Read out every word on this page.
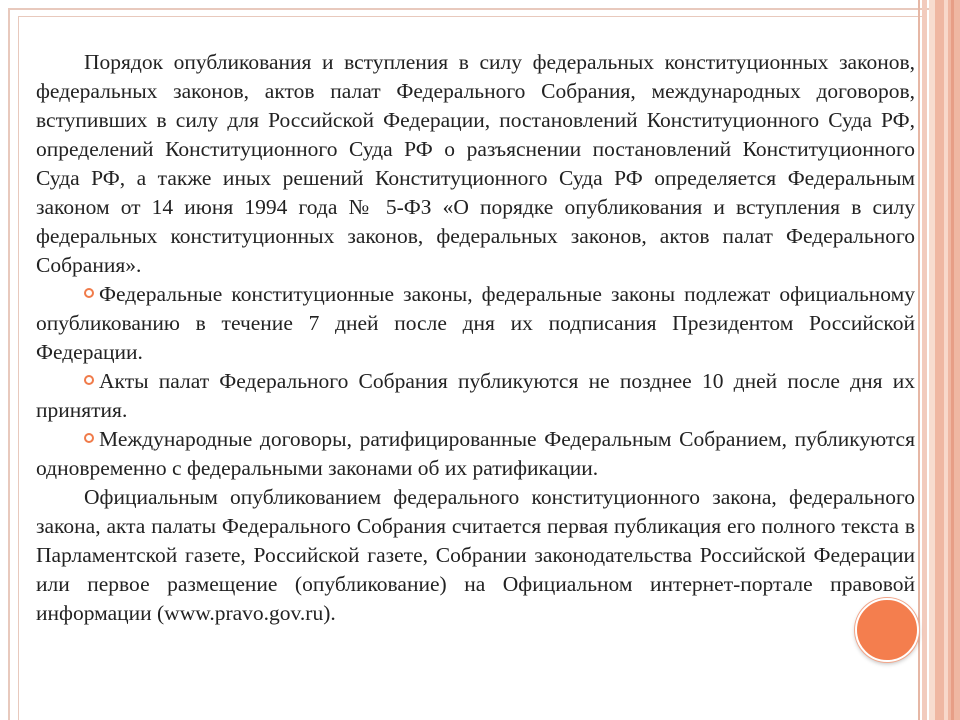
Порядок опубликования и вступления в силу федеральных конституционных законов, федеральных законов, актов палат Федерального Собрания, международных договоров, вступивших в силу для Российской Федерации, постановлений Конституционного Суда РФ, определений Конституционного Суда РФ о разъяснении постановлений Конституционного Суда РФ, а также иных решений Конституционного Суда РФ определяется Федеральным законом от 14 июня 1994 года № 5-ФЗ «О порядке опубликования и вступления в силу федеральных конституционных законов, федеральных законов, актов палат Федерального Собрания».

Федеральные конституционные законы, федеральные законы подлежат официальному опубликованию в течение 7 дней после дня их подписания Президентом Российской Федерации.

Акты палат Федерального Собрания публикуются не позднее 10 дней после дня их принятия.

Международные договоры, ратифицированные Федеральным Собранием, публикуются одновременно с федеральными законами об их ратификации.

Официальным опубликованием федерального конституционного закона, федерального закона, акта палаты Федерального Собрания считается первая публикация его полного текста в Парламентской газете, Российской газете, Собрании законодательства Российской Федерации или первое размещение (опубликование) на Официальном интернет-портале правовой информации (www.pravo.gov.ru).
